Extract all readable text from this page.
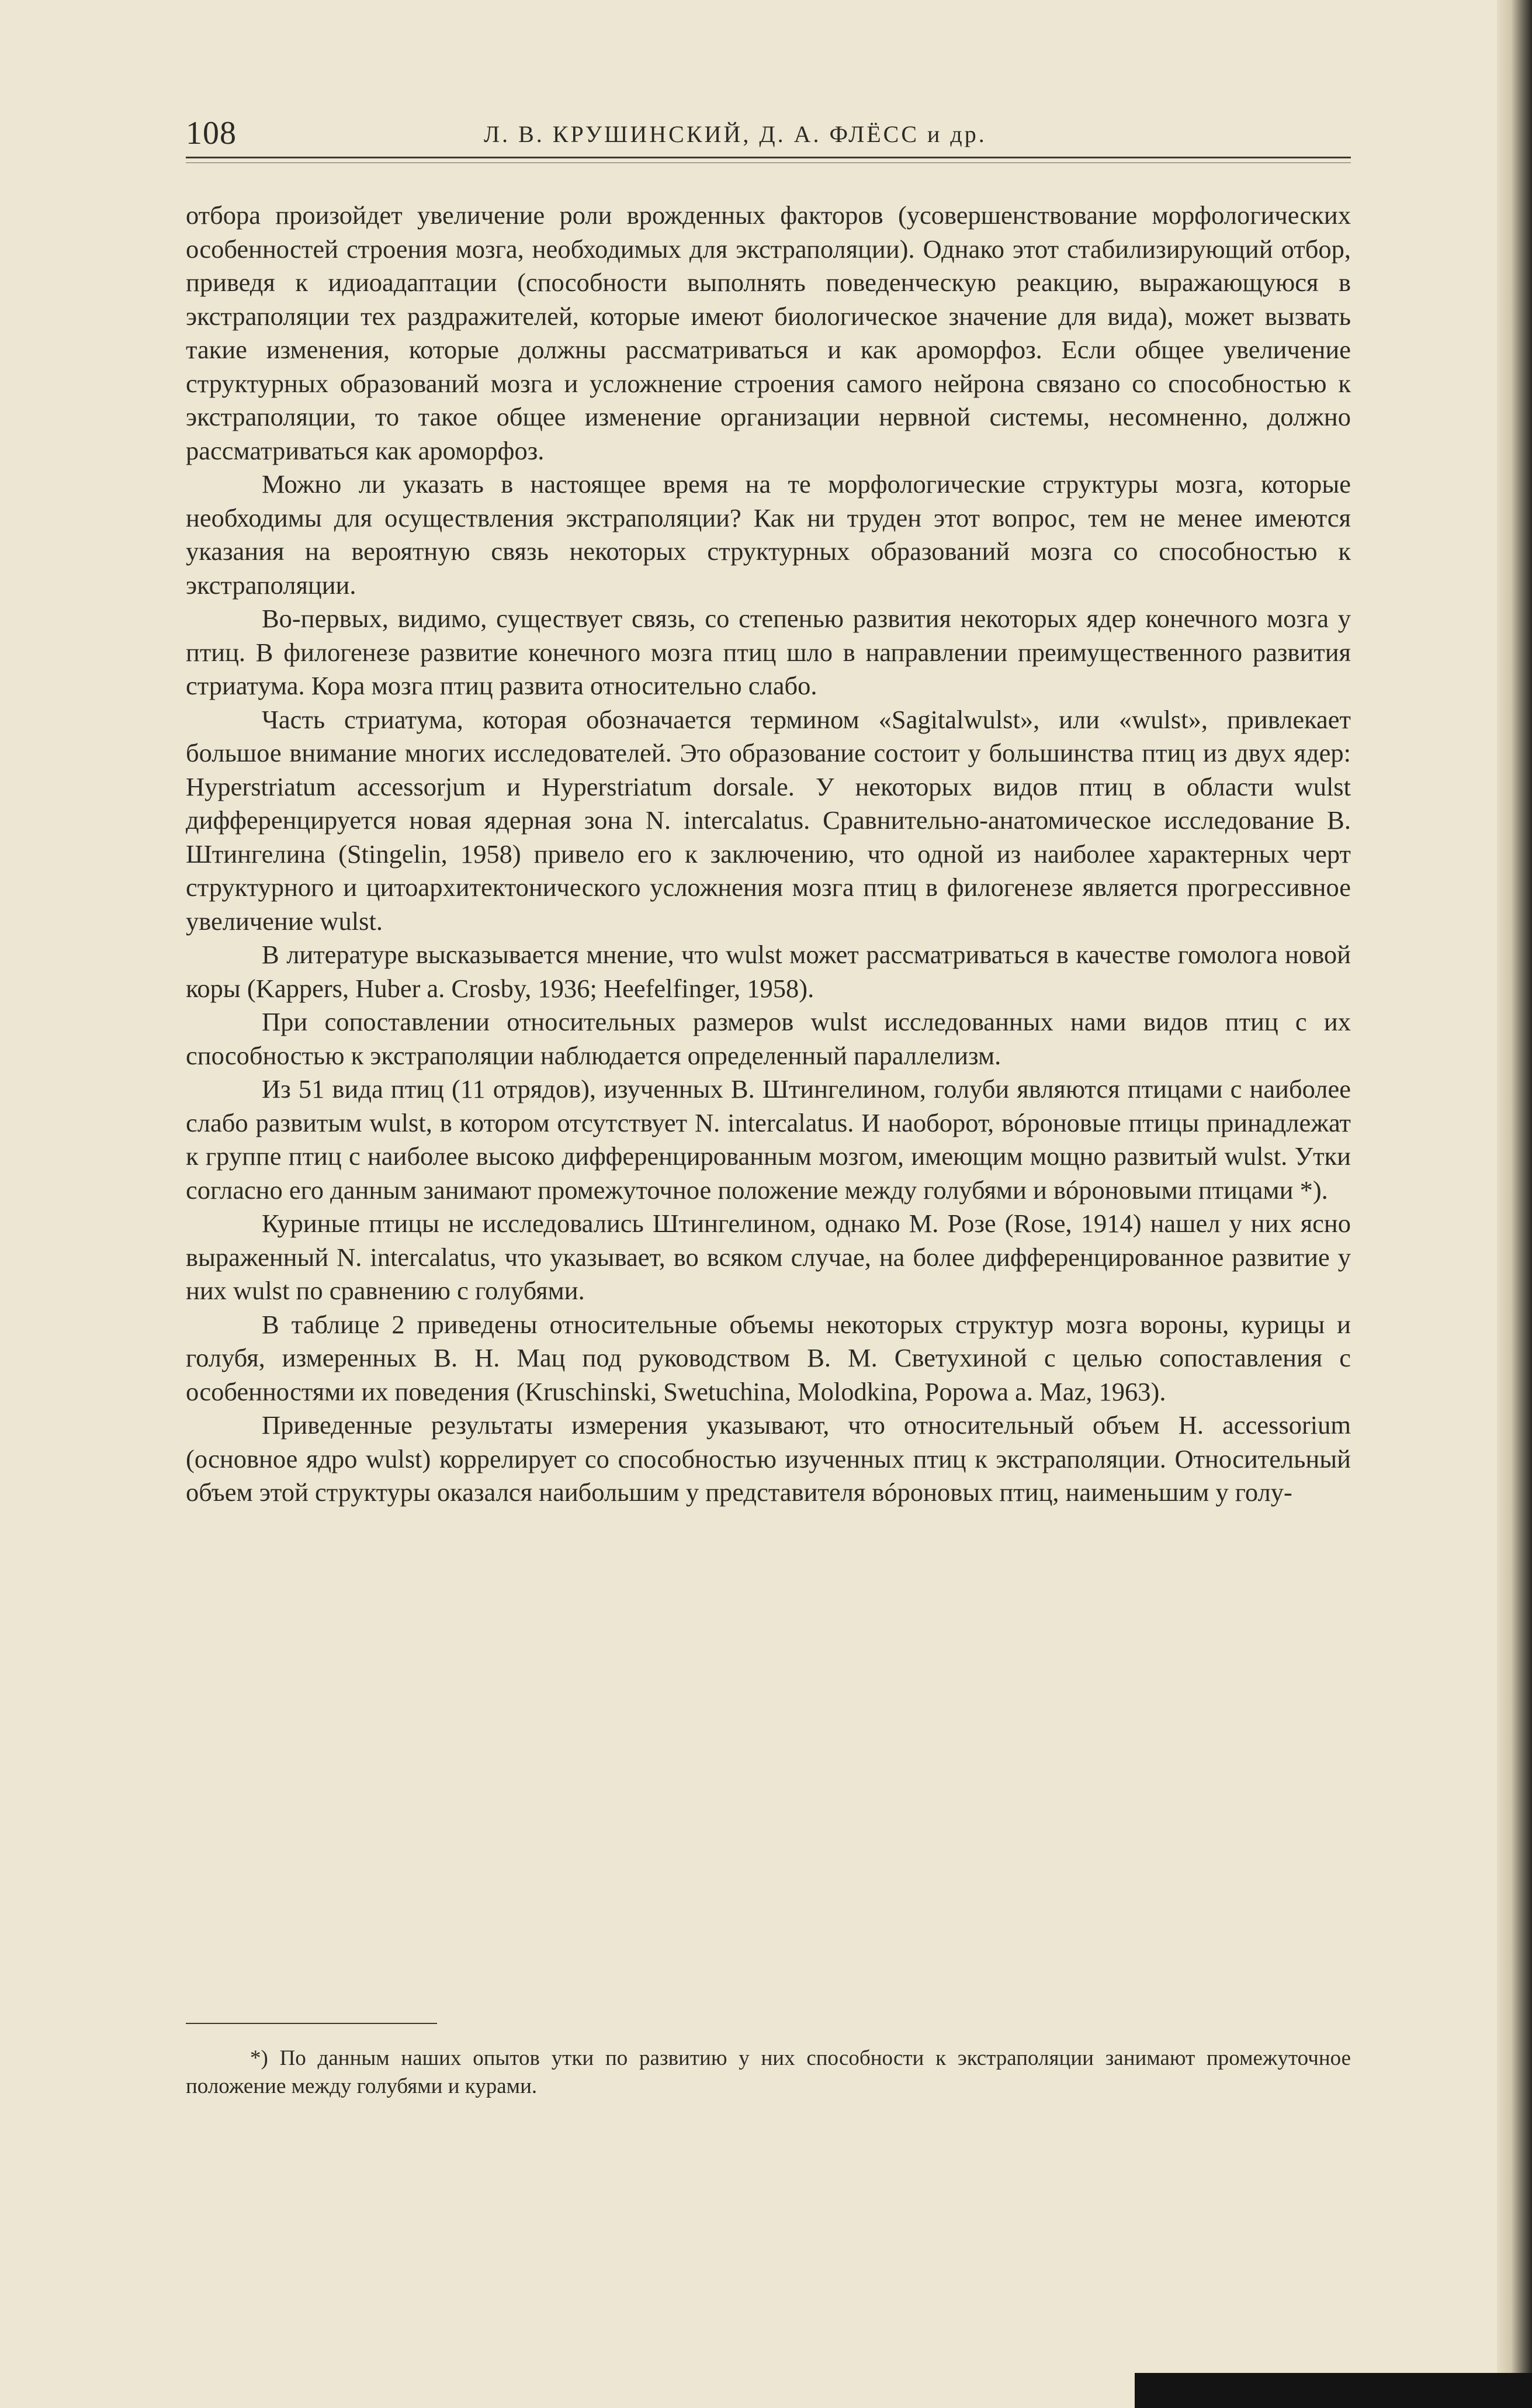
108	Л. В. КРУШИНСКИЙ, Д. А. ФЛЁСС и др.

отбора произойдет увеличение роли врожденных факторов (усовершенствование морфологических особенностей строения мозга, необходимых для экстраполяции). Однако этот стабилизирующий отбор, приведя к идиоадаптации (способности выполнять поведенческую реакцию, выражающуюся в экстраполяции тех раздражителей, которые имеют биологическое значение для вида), может вызвать такие изменения, которые должны рассматриваться и как ароморфоз. Если общее увеличение структурных образований мозга и усложнение строения самого нейрона связано со способностью к экстраполяции, то такое общее изменение организации нервной системы, несомненно, должно рассматриваться как ароморфоз.

Можно ли указать в настоящее время на те морфологические структуры мозга, которые необходимы для осуществления экстраполяции? Как ни труден этот вопрос, тем не менее имеются указания на вероятную связь некоторых структурных образований мозга со способностью к экстраполяции.

Во-первых, видимо, существует связь, со степенью развития некоторых ядер конечного мозга у птиц. В филогенезе развитие конечного мозга птиц шло в направлении преимущественного развития стриатума. Кора мозга птиц развита относительно слабо.

Часть стриатума, которая обозначается термином «Sagitalwulst», или «wulst», привлекает большое внимание многих исследователей. Это образование состоит у большинства птиц из двух ядер: Hyperstriatum accessorjum и Hyperstriatum dorsale. У некоторых видов птиц в области wulst дифференцируется новая ядерная зона N. intercalatus. Сравнительно-анатомическое исследование В. Штингелина (Stingelin, 1958) привело его к заключению, что одной из наиболее характерных черт структурного и цитоархитектонического усложнения мозга птиц в филогенезе является прогрессивное увеличение wulst.

В литературе высказывается мнение, что wulst может рассматриваться в качестве гомолога новой коры (Kappers, Huber a. Crosby, 1936; Heefelfinger, 1958).

При сопоставлении относительных размеров wulst исследованных нами видов птиц с их способностью к экстраполяции наблюдается определенный параллелизм.

Из 51 вида птиц (11 отрядов), изученных В. Штингелином, голуби являются птицами с наиболее слабо развитым wulst, в котором отсутствует N. intercalatus. И наоборот, вóроновые птицы принадлежат к группе птиц с наиболее высоко дифференцированным мозгом, имеющим мощно развитый wulst. Утки согласно его данным занимают промежуточное положение между голубями и вóроновыми птицами *).

Куриные птицы не исследовались Штингелином, однако М. Розе (Rose, 1914) нашел у них ясно выраженный N. intercalatus, что указывает, во всяком случае, на более дифференцированное развитие у них wulst по сравнению с голубями.

В таблице 2 приведены относительные объемы некоторых структур мозга вороны, курицы и голубя, измеренных В. Н. Мац под руководством В. М. Светухиной с целью сопоставления с особенностями их поведения (Kruschinski, Swetuchina, Molodkina, Popowa a. Maz, 1963).

Приведенные результаты измерения указывают, что относительный объем H. accessorium (основное ядро wulst) коррелирует со способностью изученных птиц к экстраполяции. Относительный объем этой структуры оказался наибольшим у представителя вóроновых птиц, наименьшим у голу-

*) По данным наших опытов утки по развитию у них способности к экстраполяции занимают промежуточное положение между голубями и курами.
